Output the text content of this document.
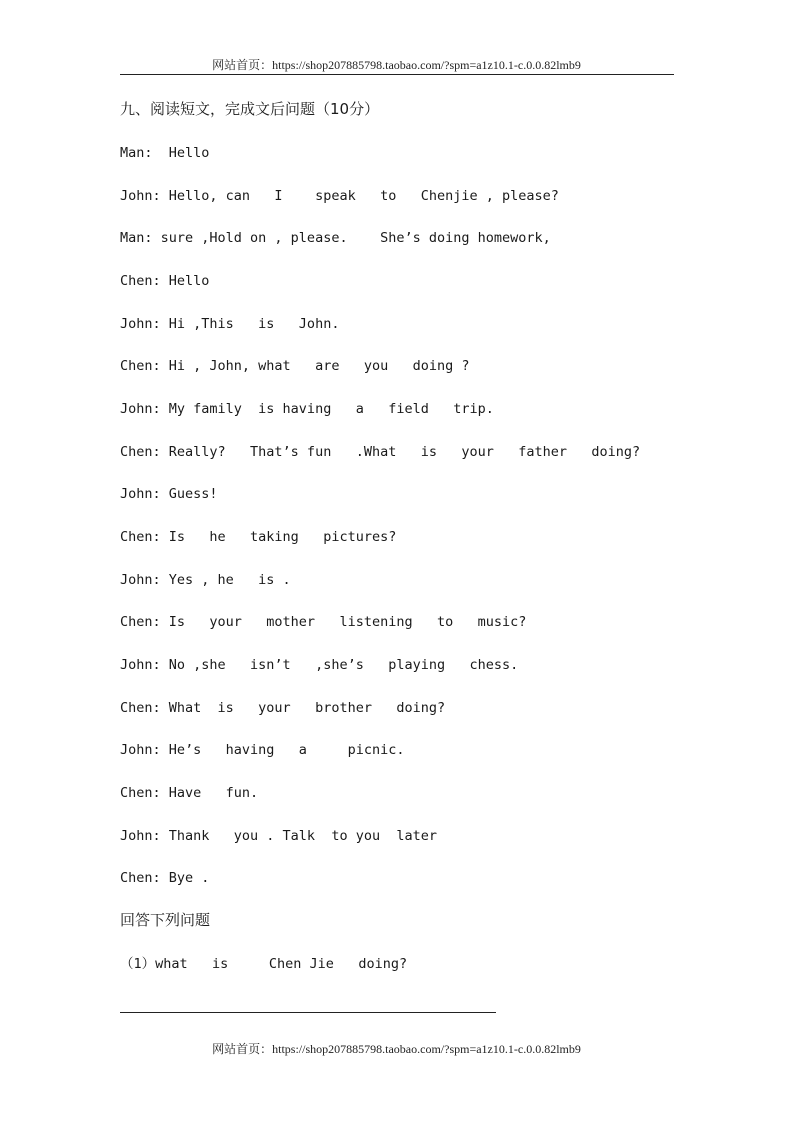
网站首页：https://shop207885798.taobao.com/?spm=a1z10.1-c.0.0.82lmb9
九、阅读短文，完成文后问题（10分）
Man:  Hello
John: Hello, can   I    speak   to   Chenjie , please?
Man: sure ,Hold on , please.    She’s doing homework,
Chen: Hello
John: Hi ,This   is   John.
Chen: Hi , John, what   are   you   doing ?
John: My family  is having   a   field   trip.
Chen: Really?   That’s fun   .What   is   your   father   doing?
John: Guess!
Chen: Is   he   taking   pictures?
John: Yes , he   is .
Chen: Is   your   mother   listening   to   music?
John: No ,she   isn’t   ,she’s   playing   chess.
Chen: What  is   your   brother   doing?
John: He’s   having   a     picnic.
Chen: Have   fun.
John: Thank   you . Talk  to you  later
Chen: Bye .
回答下列问题
（1）what   is     Chen Jie   doing?
网站首页：https://shop207885798.taobao.com/?spm=a1z10.1-c.0.0.82lmb9
